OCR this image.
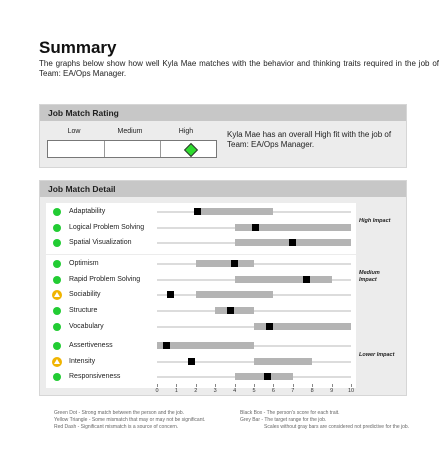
Summary
The graphs below show how well Kyla Mae matches with the behavior and thinking traits required in the job of Team: EA/Ops Manager.
Job Match Rating
Low	Medium	High	Kyla Mae has an overall High fit with the job of Team: EA/Ops Manager.
Job Match Detail
Adaptability
Logical Problem Solving
Spatial Visualization
High Impact
Optimism
Rapid Problem Solving
Sociability
Structure
Vocabulary
Medium Impact
Assertiveness
Intensity
Responsiveness
Lower Impact
0	1	2	3	4	5	6	7	8	9	10
Green Dot - Strong match between the person and the job.
Yellow Triangle - Some mismatch that may or may not be significant.
Red Dash - Significant mismatch is a source of concern.
Black Box - The person's score for each trait.
Grey Bar - The target range for the job.
Scales without gray bars are considered not predictive for the job.
